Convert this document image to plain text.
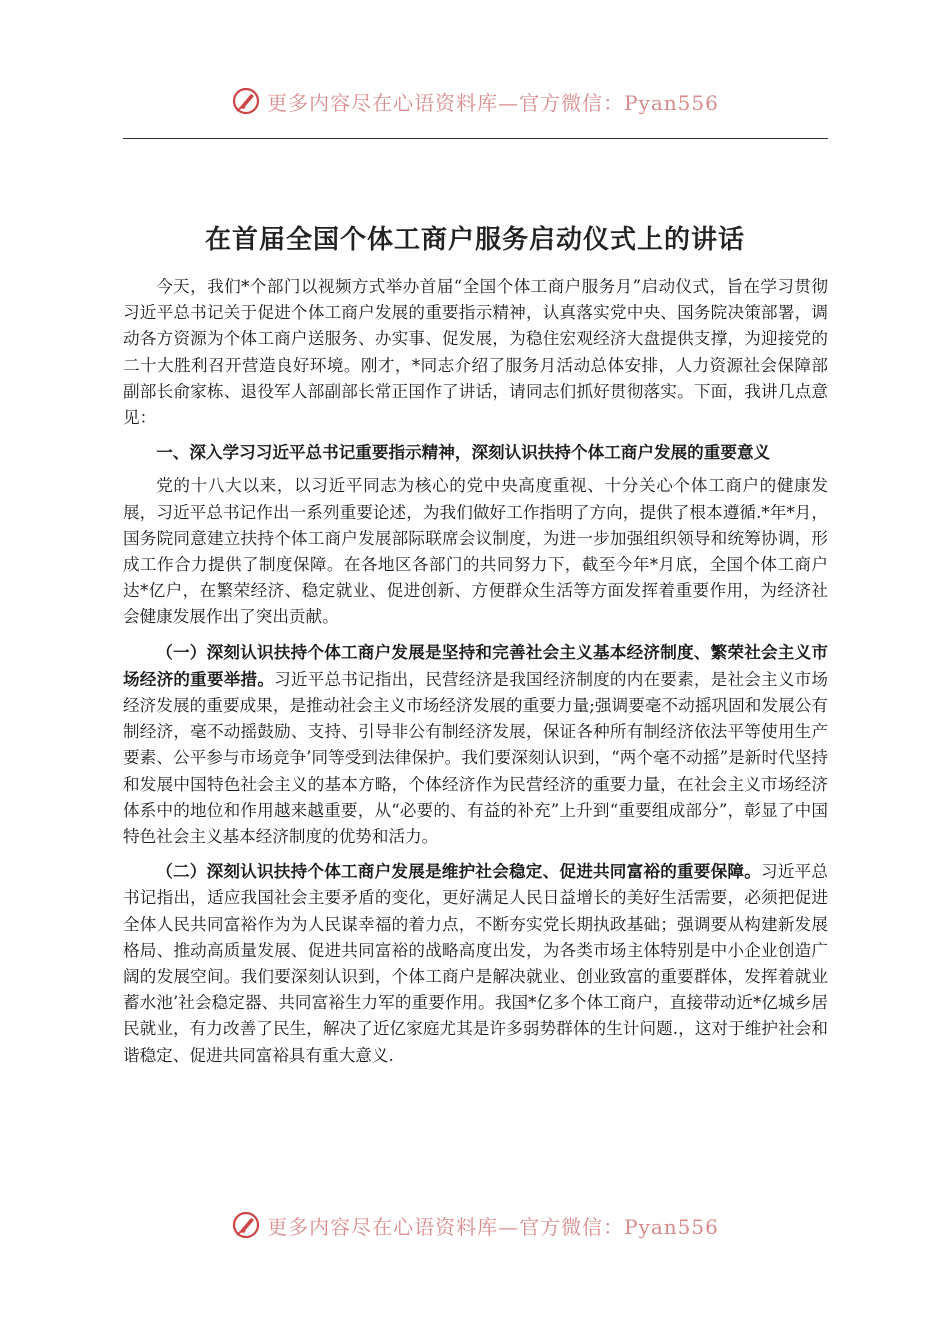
更多内容尽在心语资料库—官方微信：Pyan556
在首届全国个体工商户服务启动仪式上的讲话

今天，我们*个部门以视频方式举办首届“全国个体工商户服务月”启动仪式，旨在学习贯彻习近平总书记关于促进个体工商户发展的重要指示精神，认真落实党中央、国务院决策部署，调动各方资源为个体工商户送服务、办实事、促发展，为稳住宏观经济大盘提供支撑，为迎接党的二十大胜利召开营造良好环境。刚才，*同志介绍了服务月活动总体安排，人力资源社会保障部副部长俞家栋、退役军人部副部长常正国作了讲话，请同志们抓好贯彻落实。下面，我讲几点意见：

一、深入学习习近平总书记重要指示精神，深刻认识扶持个体工商户发展的重要意义

党的十八大以来，以习近平同志为核心的党中央高度重视、十分关心个体工商户的健康发展，习近平总书记作出一系列重要论述，为我们做好工作指明了方向，提供了根本遵循.*年*月，国务院同意建立扶持个体工商户发展部际联席会议制度，为进一步加强组织领导和统筹协调，形成工作合力提供了制度保障。在各地区各部门的共同努力下，截至今年*月底，全国个体工商户达*亿户，在繁荣经济、稳定就业、促进创新、方便群众生活等方面发挥着重要作用，为经济社会健康发展作出了突出贡献。

（一）深刻认识扶持个体工商户发展是坚持和完善社会主义基本经济制度、繁荣社会主义市场经济的重要举措。习近平总书记指出，民营经济是我国经济制度的内在要素，是社会主义市场经济发展的重要成果，是推动社会主义市场经济发展的重要力量;强调要毫不动摇巩固和发展公有制经济，毫不动摇鼓励、支持、引导非公有制经济发展，保证各种所有制经济依法平等使用生产要素、公平参与市场竞争’同等受到法律保护。我们要深刻认识到，“两个毫不动摇”是新时代坚持和发展中国特色社会主义的基本方略，个体经济作为民营经济的重要力量，在社会主义市场经济体系中的地位和作用越来越重要，从“必要的、有益的补充”上升到“重要组成部分”，彰显了中国特色社会主义基本经济制度的优势和活力。

（二）深刻认识扶持个体工商户发展是维护社会稳定、促进共同富裕的重要保障。习近平总书记指出，适应我国社会主要矛盾的变化，更好满足人民日益增长的美好生活需要，必须把促进全体人民共同富裕作为为人民谋幸福的着力点，不断夯实党长期执政基础；强调要从构建新发展格局、推动高质量发展、促进共同富裕的战略高度出发，为各类市场主体特别是中小企业创造广阔的发展空间。我们要深刻认识到，个体工商户是解决就业、创业致富的重要群体，发挥着就业蓄水池’社会稳定器、共同富裕生力军的重要作用。我国*亿多个体工商户，直接带动近*亿城乡居民就业，有力改善了民生，解决了近亿家庭尤其是许多弱势群体的生计问题.，这对于维护社会和谐稳定、促进共同富裕具有重大意义.

更多内容尽在心语资料库—官方微信：Pyan556
